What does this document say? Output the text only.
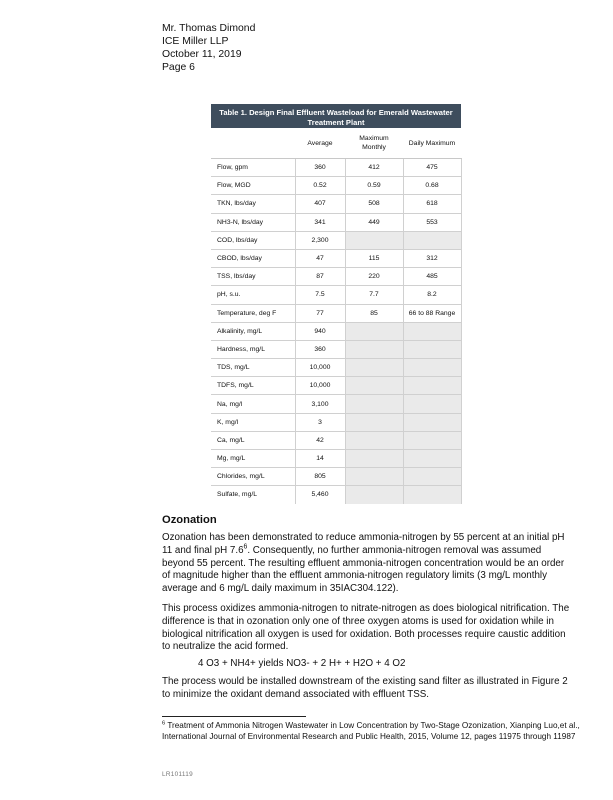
Mr. Thomas Dimond
ICE Miller LLP
October 11, 2019
Page 6
Table 1. Design Final Effluent Wasteload for Emerald Wastewater Treatment Plant
	Average	Maximum Monthly	Daily Maximum
Flow, gpm	360	412	475
Flow, MGD	0.52	0.59	0.68
TKN, lbs/day	407	508	618
NH3-N, lbs/day	341	449	553
COD, lbs/day	2,300		
CBOD, lbs/day	47	115	312
TSS, lbs/day	87	220	485
pH, s.u.	7.5	7.7	8.2
Temperature, deg F	77	85	66 to 88 Range
Alkalinity, mg/L	940		
Hardness, mg/L	360		
TDS, mg/L	10,000		
TDFS, mg/L	10,000		
Na, mg/l	3,100		
K, mg/l	3		
Ca, mg/L	42		
Mg, mg/L	14		
Chlorides, mg/L	805		
Sulfate, mg/L	5,460		
Ozonation
Ozonation has been demonstrated to reduce ammonia-nitrogen by 55 percent at an initial pH 11 and final pH $7.6^6$. Consequently, no further ammonia-nitrogen removal was assumed beyond 55 percent. The resulting effluent ammonia-nitrogen concentration would be an order of magnitude higher than the effluent ammonia-nitrogen regulatory limits (3 mg/L monthly average and 6 mg/L daily maximum in 35IAC304.122).
This process oxidizes ammonia-nitrogen to nitrate-nitrogen as does biological nitrification. The difference is that in ozonation only one of three oxygen atoms is used for oxidation while in biological nitrification all oxygen is used for oxidation. Both processes require caustic addition to neutralize the acid formed.
4 O3 + NH4+ yields NO3- + 2 H+ + H2O + 4 O2
The process would be installed downstream of the existing sand filter as illustrated in Figure 2 to minimize the oxidant demand associated with effluent TSS.
$^6$ Treatment of Ammonia Nitrogen Wastewater in Low Concentration by Two-Stage Ozonization, Xianping Luo,et al., International Journal of Environmental Research and Public Health, 2015, Volume 12, pages 11975 through 11987
LR101119
